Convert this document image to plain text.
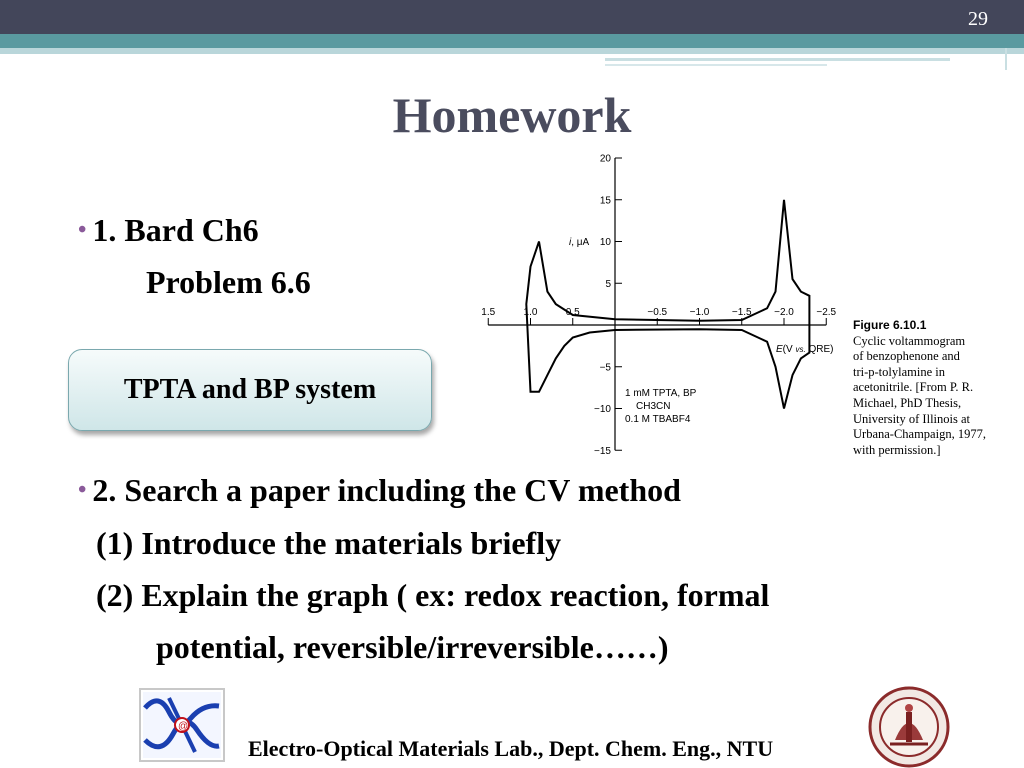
29
Homework
• 1. Bard Ch6
Problem 6.6
TPTA and BP system
• 2. Search a paper including the CV method
(1) Introduce the materials briefly
(2) Explain the graph ( ex: redox reaction, formal
potential, reversible/irreversible……)
1.5	1.0	0.5	−0.5 −1.0 −1.5 −2.0 −2.5
20
15
10
5
−5
−10
−15
i, μA
E(V vs. QRE)
1 mM TPTA, BP
CH3CN
0.1 M TBABF4
Figure 6.10.1
Cyclic voltammogram
of benzophenone and
tri-p-tolylamine in
acetonitrile. [From P. R.
Michael, PhD Thesis,
University of Illinois at
Urbana-Champaign, 1977,
with permission.]
@
Electro-Optical Materials Lab., Dept. Chem. Eng., NTU
